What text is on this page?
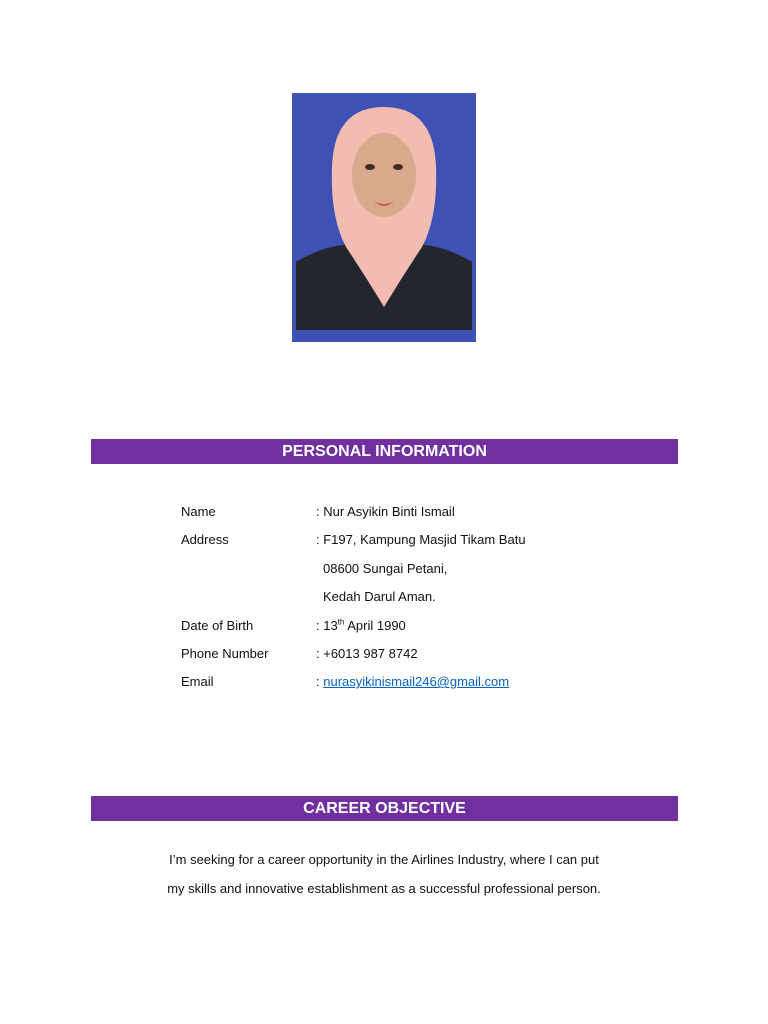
PERSONAL INFORMATION
Name	: Nur Asyikin Binti Ismail
Address	: F197, Kampung Masjid Tikam Batu
08600 Sungai Petani,
Kedah Darul Aman.
Date of Birth	: 13th April 1990
Phone Number	: +6013 987 8742
Email	: nurasyikinismail246@gmail.com
CAREER OBJECTIVE
I’m seeking for a career opportunity in the Airlines Industry, where I can put
my skills and innovative establishment as a successful professional person.
